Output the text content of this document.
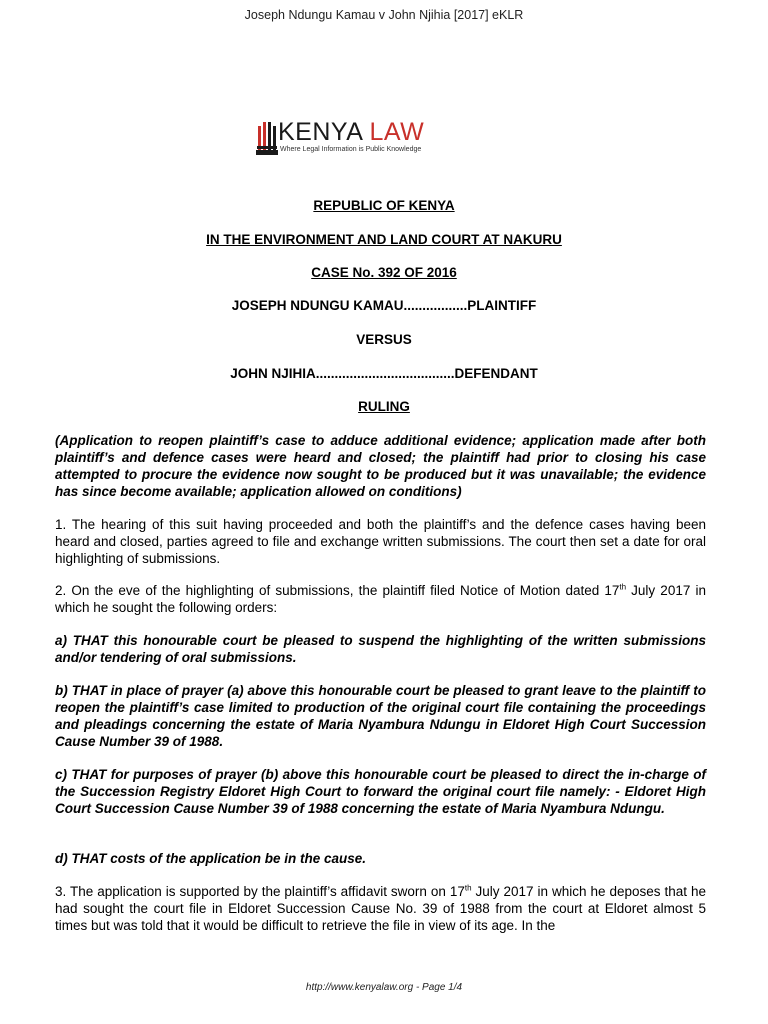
Joseph Ndungu Kamau v John Njihia [2017] eKLR
KENYA LAW
Where Legal Information is Public Knowledge
REPUBLIC OF KENYA
IN THE ENVIRONMENT AND LAND COURT AT NAKURU
CASE No. 392 OF 2016
JOSEPH NDUNGU KAMAU.................PLAINTIFF
VERSUS
JOHN NJIHIA.....................................DEFENDANT
RULING
(Application to reopen plaintiff’s case to adduce additional evidence; application made after both plaintiff’s and defence cases were heard and closed; the plaintiff had prior to closing his case attempted to procure the evidence now sought to be produced but it was unavailable; the evidence has since become available; application allowed on conditions)
1. The hearing of this suit having proceeded and both the plaintiff’s and the defence cases having been heard and closed, parties agreed to file and exchange written submissions. The court then set a date for oral highlighting of submissions.
2. On the eve of the highlighting of submissions, the plaintiff filed Notice of Motion dated 17th July 2017 in which he sought the following orders:
a) THAT this honourable court be pleased to suspend the highlighting of the written submissions and/or tendering of oral submissions.
b) THAT in place of prayer (a) above this honourable court be pleased to grant leave to the plaintiff to reopen the plaintiff’s case limited to production of the original court file containing the proceedings and pleadings concerning the estate of Maria Nyambura Ndungu in Eldoret High Court Succession Cause Number 39 of 1988.
c) THAT for purposes of prayer (b) above this honourable court be pleased to direct the in-charge of the Succession Registry Eldoret High Court to forward the original court file namely: - Eldoret High Court Succession Cause Number 39 of 1988 concerning the estate of Maria Nyambura Ndungu.
d) THAT costs of the application be in the cause.
3. The application is supported by the plaintiff’s affidavit sworn on 17th July 2017 in which he deposes that he had sought the court file in Eldoret Succession Cause No. 39 of 1988 from the court at Eldoret almost 5 times but was told that it would be difficult to retrieve the file in view of its age. In the
http://www.kenyalaw.org - Page 1/4
